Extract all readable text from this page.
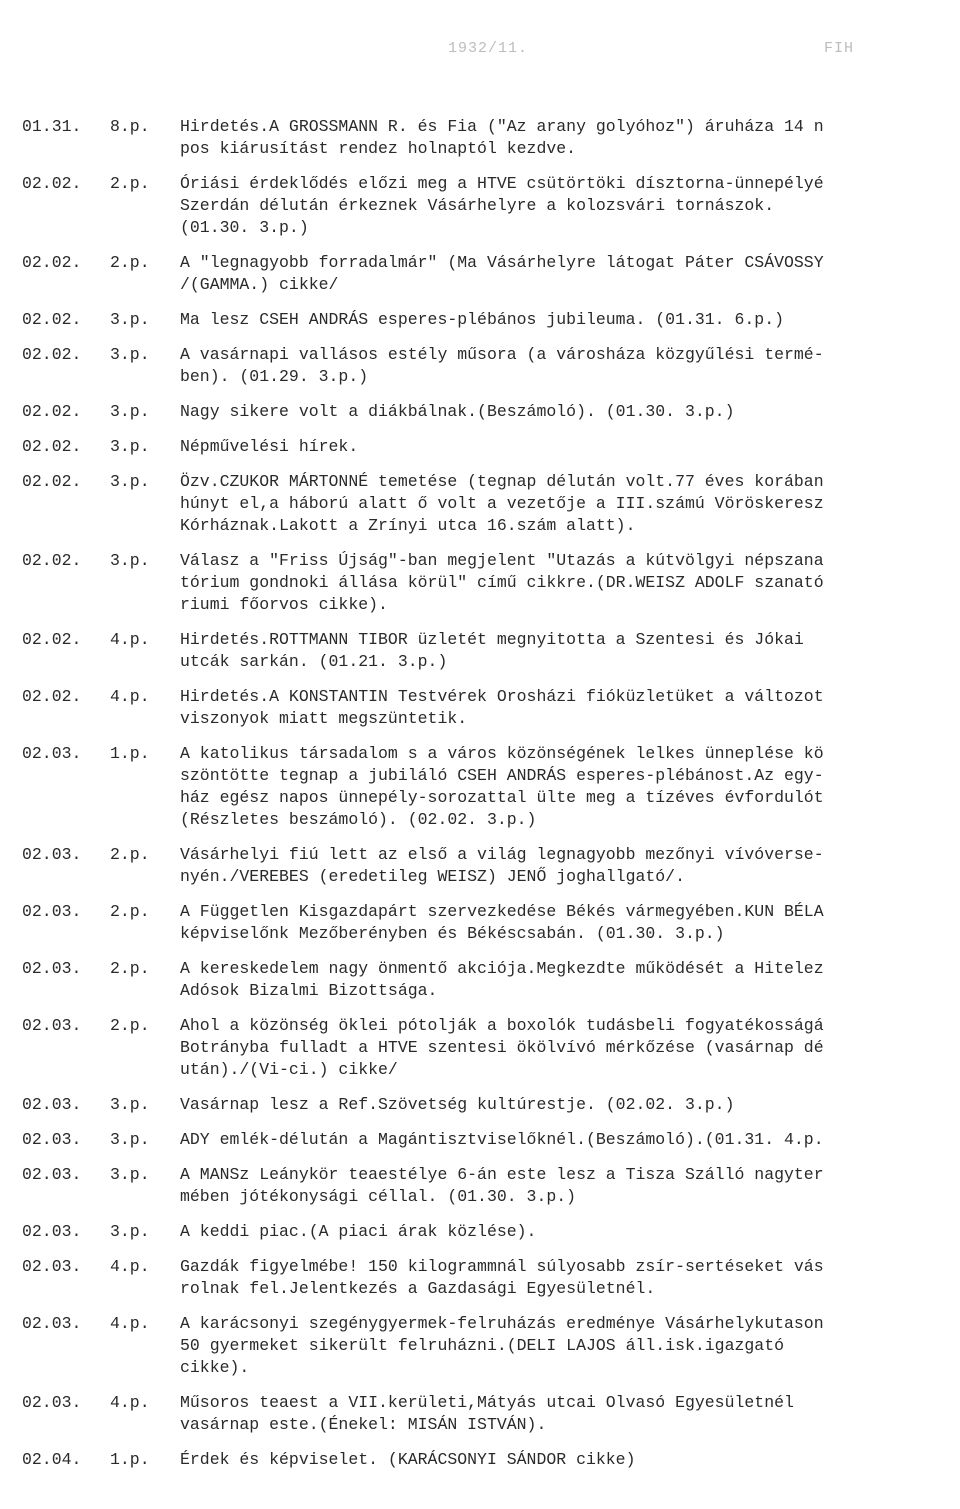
1932/11.	FIH
01.31.	8.p.	Hirdetés.A GROSSMANN R. és Fia ("Az arany golyóhoz") áruháza 14 n
pos kiárusítást rendez holnaptól kezdve.
02.02.	2.p.	Óriási érdeklődés előzi meg a HTVE csütörtöki dísztorna-ünnepélyé
Szerdán délután érkeznek Vásárhelyre a kolozsvári tornászok.
(01.30. 3.p.)
02.02.	2.p.	A "legnagyobb forradalmár" (Ma Vásárhelyre látogat Páter CSÁVOSSY
/(GAMMA.) cikke/
02.02.	3.p.	Ma lesz CSEH ANDRÁS esperes-plébános jubileuma. (01.31. 6.p.)
02.02.	3.p.	A vasárnapi vallásos estély műsora (a városháza közgyűlési termé-
ben). (01.29. 3.p.)
02.02.	3.p.	Nagy sikere volt a diákbálnak.(Beszámoló). (01.30. 3.p.)
02.02.	3.p.	Népművelési hírek.
02.02.	3.p.	Özv.CZUKOR MÁRTONNÉ temetése (tegnap délután volt.77 éves korában
húnyt el,a háború alatt ő volt a vezetője a III.számú Vöröskeresz
Kórháznak.Lakott a Zrínyi utca 16.szám alatt).
02.02.	3.p.	Válasz a "Friss Újság"-ban megjelent "Utazás a kútvölgyi népszana
tórium gondnoki állása körül" című cikkre.(DR.WEISZ ADOLF szanató
riumi főorvos cikke).
02.02.	4.p.	Hirdetés.ROTTMANN TIBOR üzletét megnyitotta a Szentesi és Jókai
utcák sarkán. (01.21. 3.p.)
02.02.	4.p.	Hirdetés.A KONSTANTIN Testvérek Orosházi fióküzletüket a változot
viszonyok miatt megszüntetik.
02.03.	1.p.	A katolikus társadalom s a város közönségének lelkes ünneplése kö
szöntötte tegnap a jubiláló CSEH ANDRÁS esperes-plébánost.Az egy-
ház egész napos ünnepély-sorozattal ülte meg a tízéves évfordulót
(Részletes beszámoló). (02.02. 3.p.)
02.03.	2.p.	Vásárhelyi fiú lett az első a világ legnagyobb mezőnyi vívóverse-
nyén./VEREBES (eredetileg WEISZ) JENŐ joghallgató/.
02.03.	2.p.	A Független Kisgazdapárt szervezkedése Békés vármegyében.KUN BÉLA
képviselőnk Mezőberényben és Békéscsabán. (01.30. 3.p.)
02.03.	2.p.	A kereskedelem nagy önmentő akciója.Megkezdte működését a Hitelez
Adósok Bizalmi Bizottsága.
02.03.	2.p.	Ahol a közönség öklei pótolják a boxolók tudásbeli fogyatékosságá
Botrányba fulladt a HTVE szentesi ökölvívó mérkőzése (vasárnap dé
után)./(Vi-ci.) cikke/
02.03.	3.p.	Vasárnap lesz a Ref.Szövetség kultúrestje. (02.02. 3.p.)
02.03.	3.p.	ADY emlék-délután a Magántisztviselőknél.(Beszámoló).(01.31. 4.p.
02.03.	3.p.	A MANSz Leánykör teaestélye 6-án este lesz a Tisza Szálló nagyter
mében jótékonysági céllal. (01.30. 3.p.)
02.03.	3.p.	A keddi piac.(A piaci árak közlése).
02.03.	4.p.	Gazdák figyelmébe! 150 kilogrammnál súlyosabb zsír-sertéseket vás
rolnak fel.Jelentkezés a Gazdasági Egyesületnél.
02.03.	4.p.	A karácsonyi szegénygyermek-felruházás eredménye Vásárhelykutason
50 gyermeket sikerült felruházni.(DELI LAJOS áll.isk.igazgató
cikke).
02.03.	4.p.	Műsoros teaest a VII.kerületi,Mátyás utcai Olvasó Egyesületnél
vasárnap este.(Énekel: MISÁN ISTVÁN).
02.04.	1.p.	Érdek és képviselet. (KARÁCSONYI SÁNDOR cikke)
